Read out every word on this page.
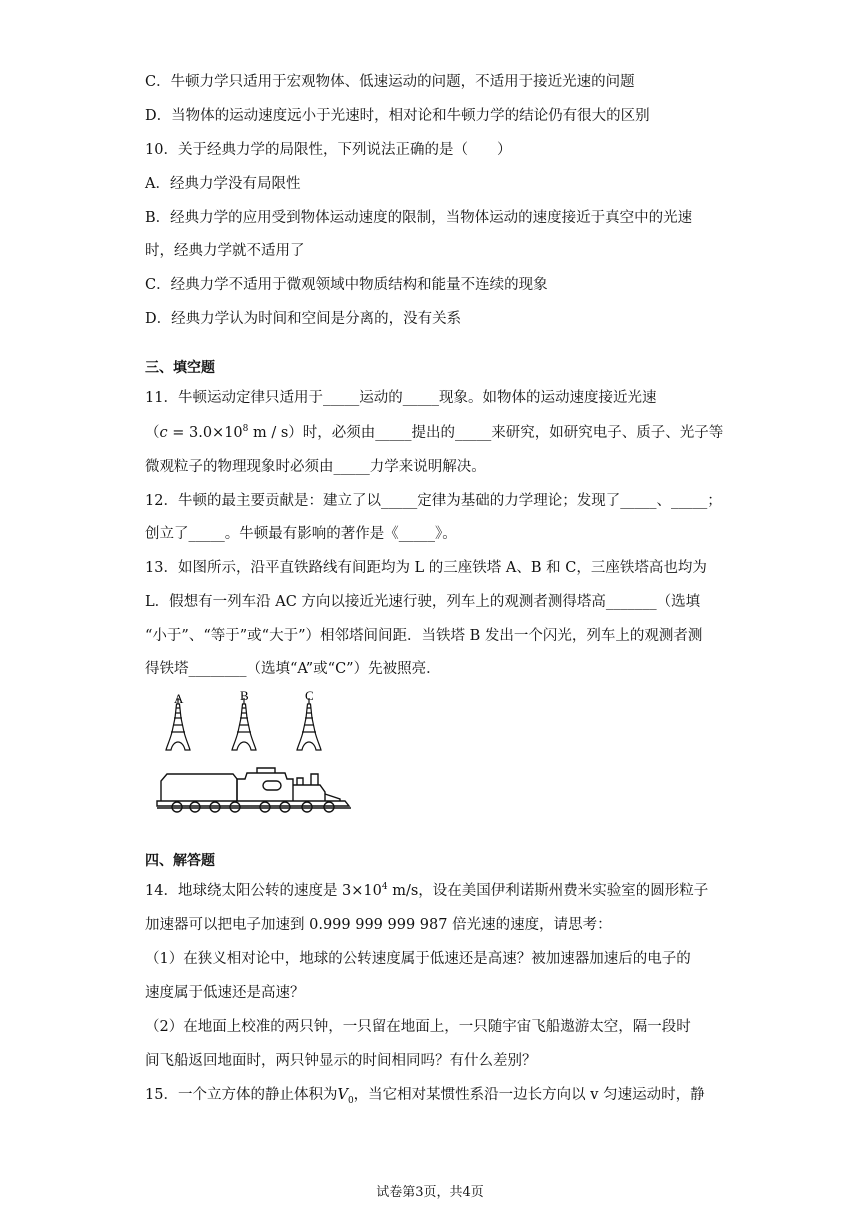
C．牛顿力学只适用于宏观物体、低速运动的问题，不适用于接近光速的问题
D．当物体的运动速度远小于光速时，相对论和牛顿力学的结论仍有很大的区别
10．关于经典力学的局限性，下列说法正确的是（　　）
A．经典力学没有局限性
B．经典力学的应用受到物体运动速度的限制，当物体运动的速度接近于真空中的光速
时，经典力学就不适用了
C．经典力学不适用于微观领域中物质结构和能量不连续的现象
D．经典力学认为时间和空间是分离的，没有关系
三、填空题
11．牛顿运动定律只适用于_____运动的_____现象。如物体的运动速度接近光速
（$c = 3.0\times 10^8$ m / s）时，必须由_____提出的_____来研究，如研究电子、质子、光子等
微观粒子的物理现象时必须由_____力学来说明解决。
12．牛顿的最主要贡献是：建立了以_____定律为基础的力学理论；发现了_____、_____；
创立了_____。牛顿最有影响的著作是《_____》。
13．如图所示，沿平直铁路线有间距均为 L 的三座铁塔 A、B 和 C，三座铁塔高也均为
L．假想有一列车沿 AC 方向以接近光速行驶，列车上的观测者测得塔高_______（选填
“小于”、“等于”或“大于”）相邻塔间间距．当铁塔 B 发出一个闪光，列车上的观测者测
得铁塔________（选填“A”或“C”）先被照亮．
A	B	C
四、解答题
14．地球绕太阳公转的速度是 $3\times 10^4$ m/s，设在美国伊利诺斯州费米实验室的圆形粒子
加速器可以把电子加速到 0.999 999 999 987 倍光速的速度，请思考：
（1）在狭义相对论中，地球的公转速度属于低速还是高速？被加速器加速后的电子的
速度属于低速还是高速？
（2）在地面上校准的两只钟，一只留在地面上，一只随宇宙飞船遨游太空，隔一段时
间飞船返回地面时，两只钟显示的时间相同吗？有什么差别？
15．一个立方体的静止体积为$V_0$，当它相对某惯性系沿一边长方向以 v 匀速运动时，静
试卷第3页，共4页
